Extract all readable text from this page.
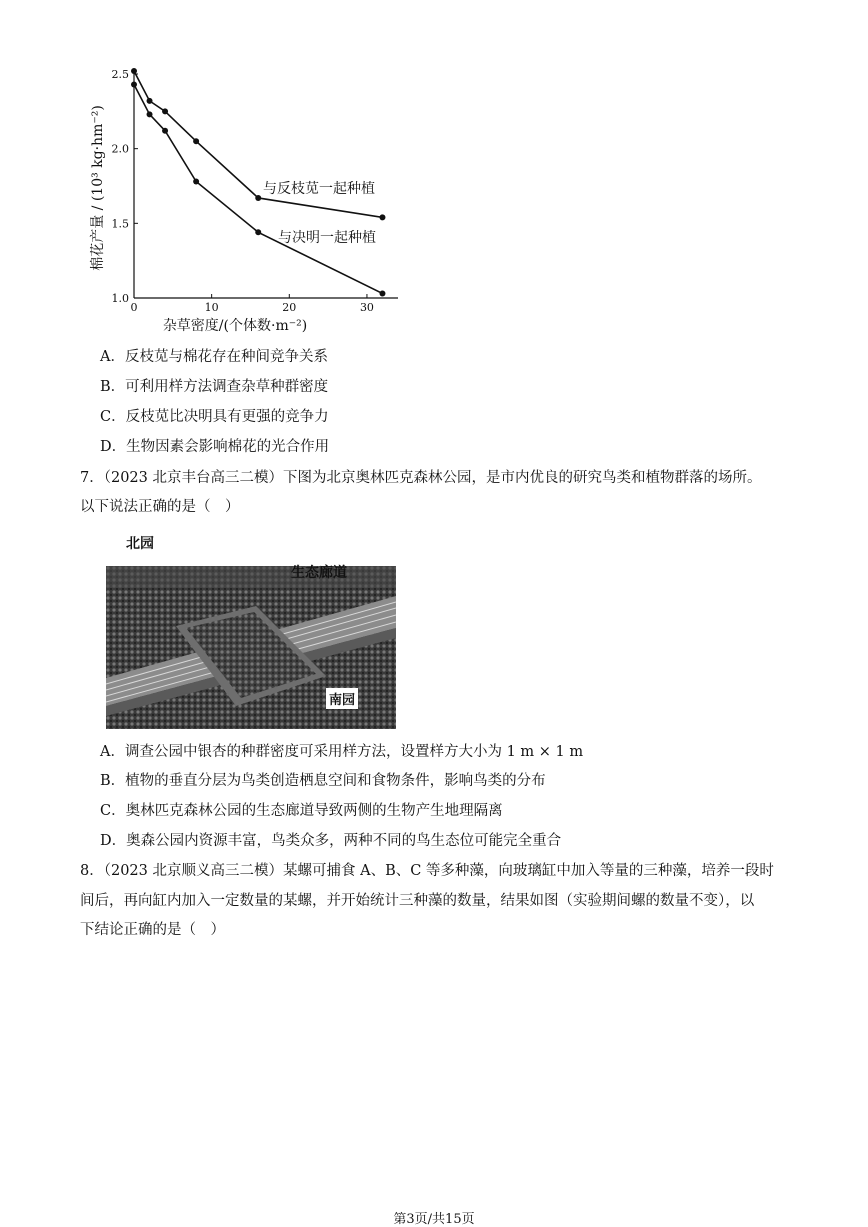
1.0
1.5
2.0
2.5
0	10	20	30
棉花产量 / (10³ kg·hm⁻²)
杂草密度/(个体数·m⁻²)
与反枝苋一起种植
与决明一起种植
A．反枝苋与棉花存在种间竞争关系
B．可利用样方法调查杂草种群密度
C．反枝苋比决明具有更强的竞争力
D．生物因素会影响棉花的光合作用
7．（2023 北京丰台高三二模）下图为北京奥林匹克森林公园，是市内优良的研究鸟类和植物群落的场所。
以下说法正确的是（　）
北园
生态廊道
南园
A．调查公园中银杏的种群密度可采用样方法，设置样方大小为 1 m × 1 m
B．植物的垂直分层为鸟类创造栖息空间和食物条件，影响鸟类的分布
C．奥林匹克森林公园的生态廊道导致两侧的生物产生地理隔离
D．奥森公园内资源丰富，鸟类众多，两种不同的鸟生态位可能完全重合
8．（2023 北京顺义高三二模）某螺可捕食 A、B、C 等多种藻，向玻璃缸中加入等量的三种藻，培养一段时
间后，再向缸内加入一定数量的某螺，并开始统计三种藻的数量，结果如图（实验期间螺的数量不变），以
下结论正确的是（　）
第3页/共15页
